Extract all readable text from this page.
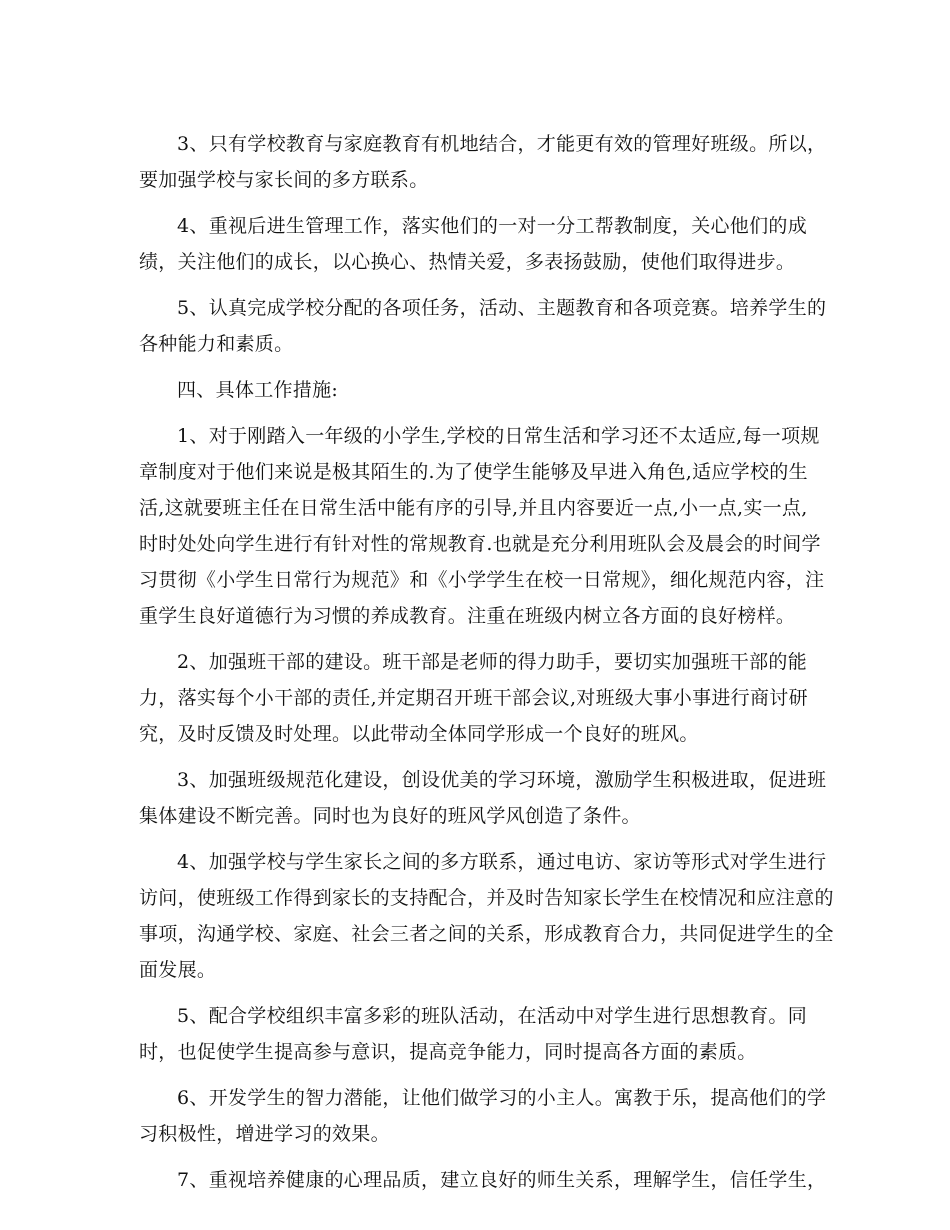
3、只有学校教育与家庭教育有机地结合，才能更有效的管理好班级。所以，
要加强学校与家长间的多方联系。
4、重视后进生管理工作，落实他们的一对一分工帮教制度，关心他们的成
绩，关注他们的成长，以心换心、热情关爱，多表扬鼓励，使他们取得进步。
5、认真完成学校分配的各项任务，活动、主题教育和各项竞赛。培养学生的
各种能力和素质。
四、具体工作措施:
1、对于刚踏入一年级的小学生,学校的日常生活和学习还不太适应,每一项规
章制度对于他们来说是极其陌生的.为了使学生能够及早进入角色,适应学校的生
活,这就要班主任在日常生活中能有序的引导,并且内容要近一点,小一点,实一点,
时时处处向学生进行有针对性的常规教育.也就是充分利用班队会及晨会的时间学
习贯彻《小学生日常行为规范》和《小学学生在校一日常规》，细化规范内容，注
重学生良好道德行为习惯的养成教育。注重在班级内树立各方面的良好榜样。
2、加强班干部的建设。班干部是老师的得力助手，要切实加强班干部的能
力，落实每个小干部的责任,并定期召开班干部会议,对班级大事小事进行商讨研
究，及时反馈及时处理。以此带动全体同学形成一个良好的班风。
3、加强班级规范化建设，创设优美的学习环境，激励学生积极进取，促进班
集体建设不断完善。同时也为良好的班风学风创造了条件。
4、加强学校与学生家长之间的多方联系，通过电访、家访等形式对学生进行
访问，使班级工作得到家长的支持配合，并及时告知家长学生在校情况和应注意的
事项，沟通学校、家庭、社会三者之间的关系，形成教育合力，共同促进学生的全
面发展。
5、配合学校组织丰富多彩的班队活动，在活动中对学生进行思想教育。同
时，也促使学生提高参与意识，提高竞争能力，同时提高各方面的素质。
6、开发学生的智力潜能，让他们做学习的小主人。寓教于乐，提高他们的学
习积极性，增进学习的效果。
7、重视培养健康的心理品质，建立良好的师生关系，理解学生，信任学生，
